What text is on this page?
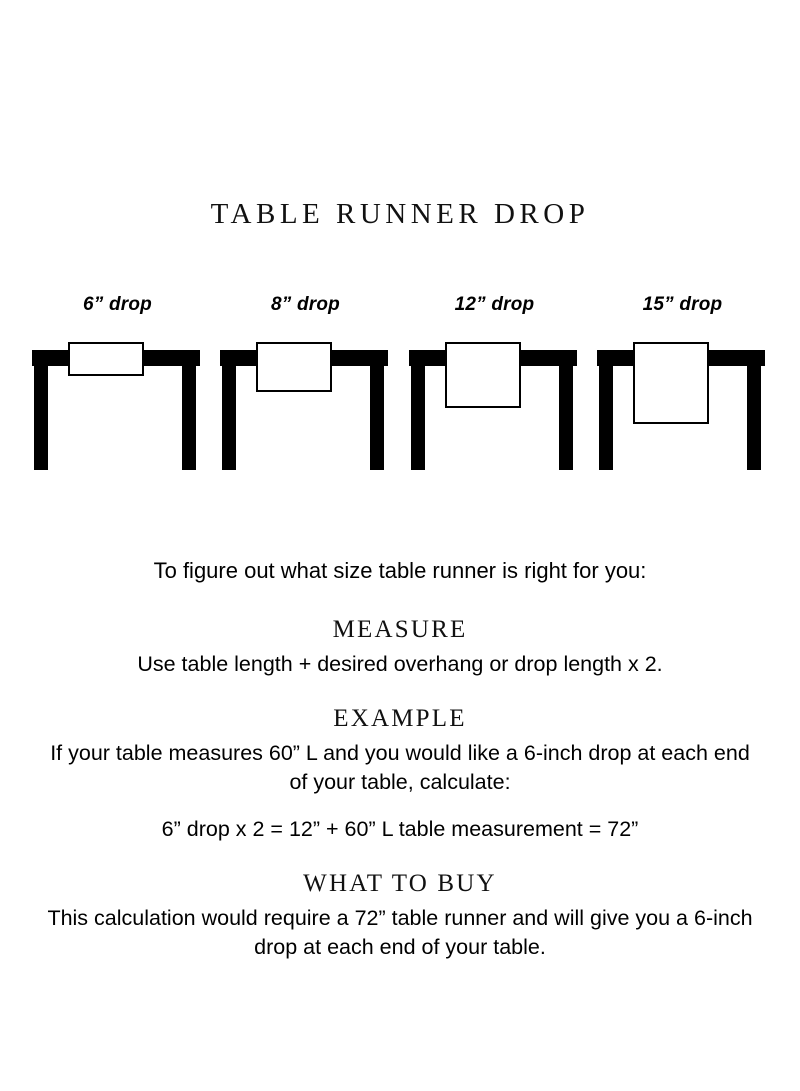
TABLE RUNNER DROP
6” drop	8” drop	12” drop	15” drop
To figure out what size table runner is right for you:
MEASURE
Use table length + desired overhang or drop length x 2.
EXAMPLE
If your table measures 60” L and you would like a 6-inch drop at each end of your table, calculate:
6” drop x 2 = 12” + 60” L table measurement = 72”
WHAT TO BUY
This calculation would require a 72” table runner and will give you a 6-inch drop at each end of your table.
